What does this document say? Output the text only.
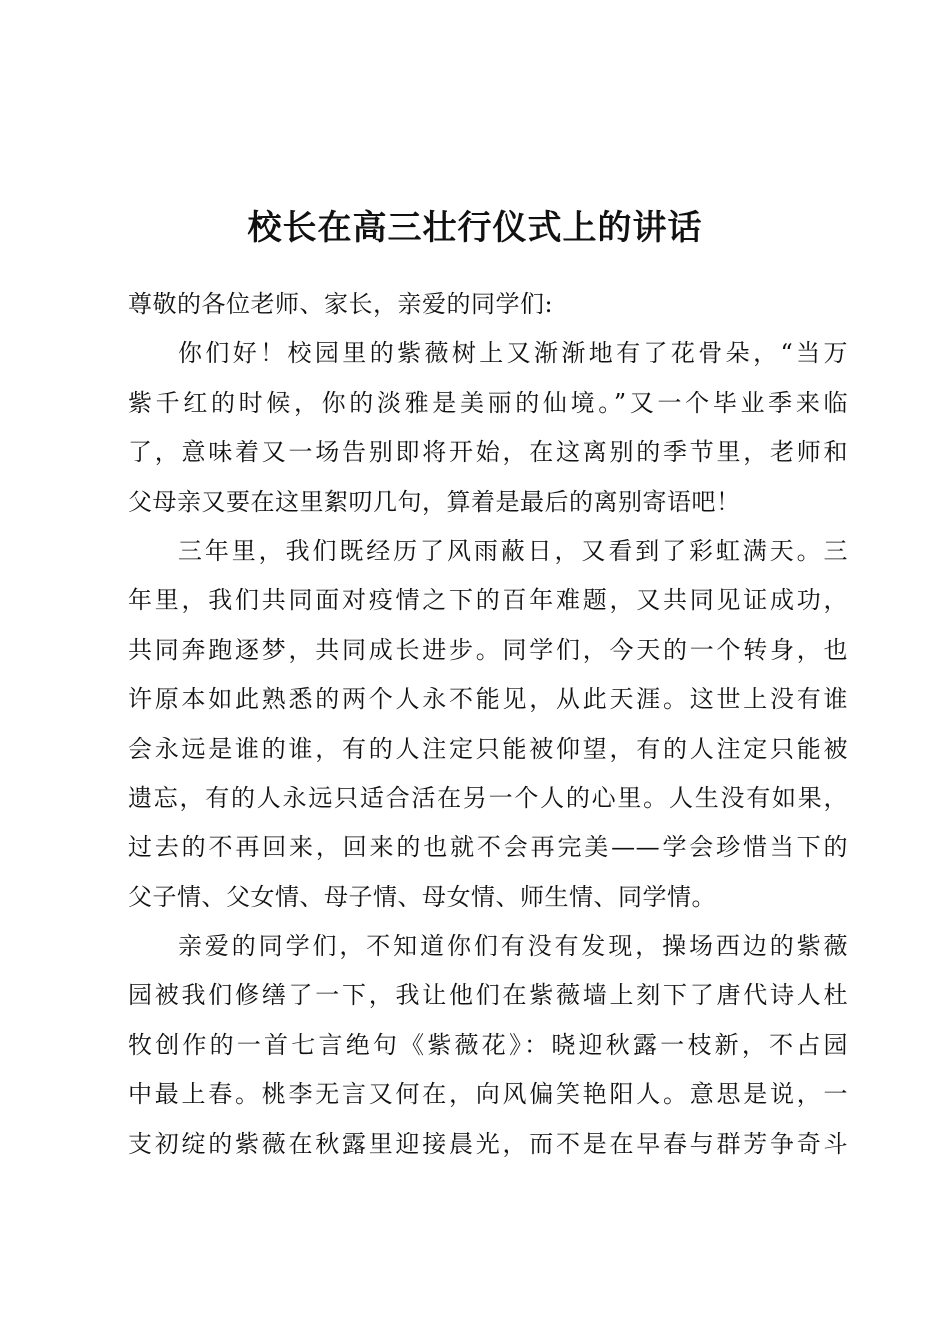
校长在高三壮行仪式上的讲话
尊敬的各位老师、家长，亲爱的同学们:
你们好！校园里的紫薇树上又渐渐地有了花骨朵，“当万
紫千红的时候，你的淡雅是美丽的仙境。”又一个毕业季来临
了，意味着又一场告别即将开始，在这离别的季节里，老师和
父母亲又要在这里絮叨几句，算着是最后的离别寄语吧！
三年里，我们既经历了风雨蔽日，又看到了彩虹满天。三
年里，我们共同面对疫情之下的百年难题，又共同见证成功，
共同奔跑逐梦，共同成长进步。同学们，今天的一个转身，也
许原本如此熟悉的两个人永不能见，从此天涯。这世上没有谁
会永远是谁的谁，有的人注定只能被仰望，有的人注定只能被
遗忘，有的人永远只适合活在另一个人的心里。人生没有如果，
过去的不再回来，回来的也就不会再完美——学会珍惜当下的
父子情、父女情、母子情、母女情、师生情、同学情。
亲爱的同学们，不知道你们有没有发现，操场西边的紫薇
园被我们修缮了一下，我让他们在紫薇墙上刻下了唐代诗人杜
牧创作的一首七言绝句《紫薇花》：晓迎秋露一枝新，不占园
中最上春。桃李无言又何在，向风偏笑艳阳人。意思是说，一
支初绽的紫薇在秋露里迎接晨光，而不是在早春与群芳争奇斗
